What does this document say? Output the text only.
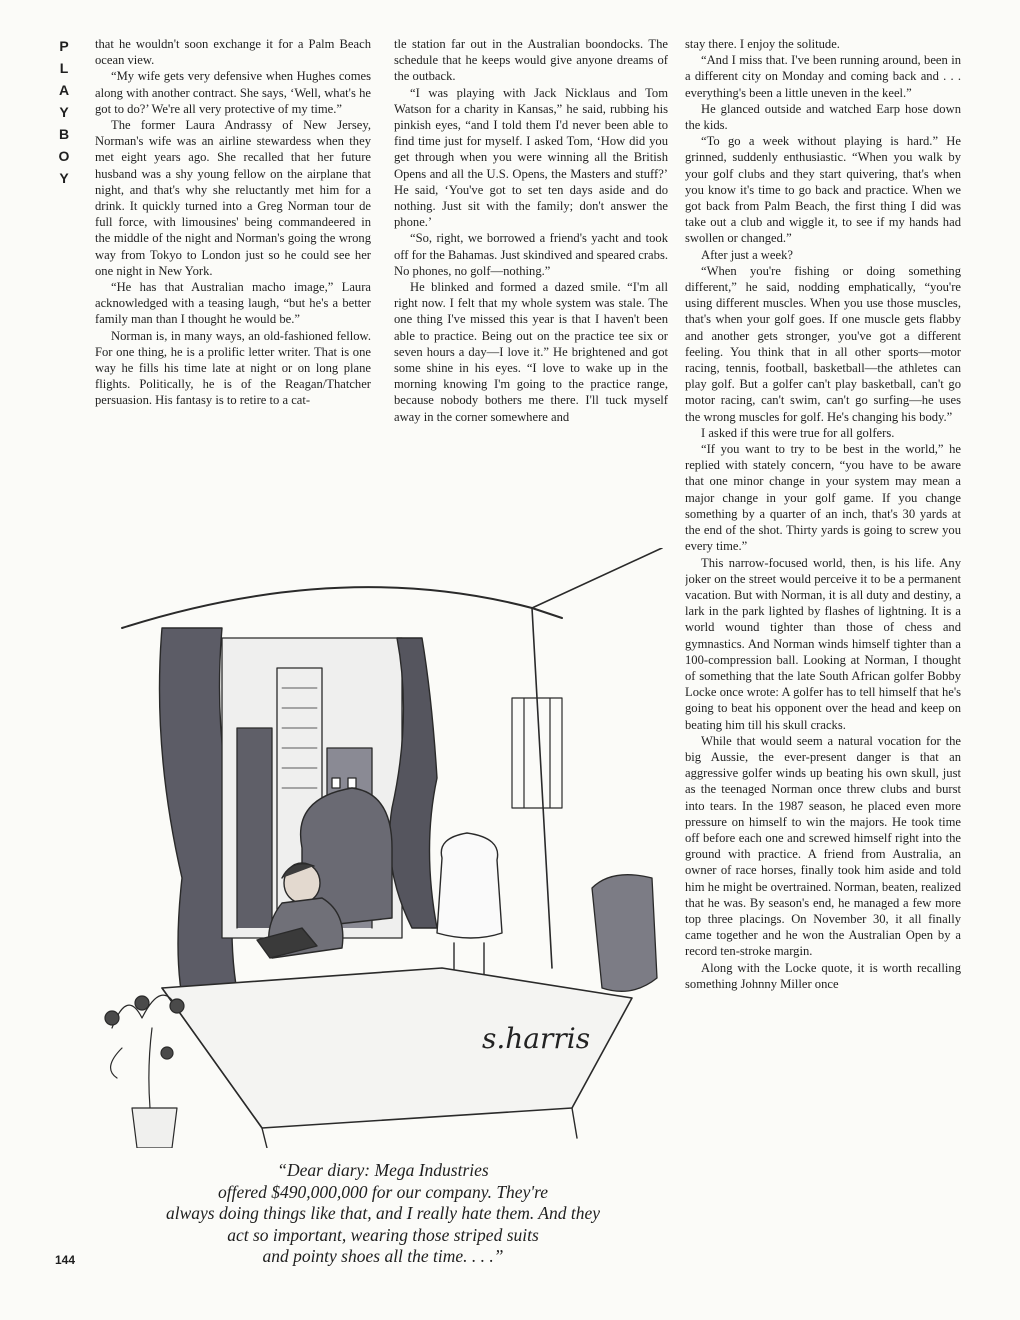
P
L
A
Y
B
O
Y

that he wouldn't soon exchange it for a Palm Beach ocean view.

“My wife gets very defensive when Hughes comes along with another contract. She says, ‘Well, what's he got to do?’ We're all very protective of my time.”

The former Laura Andrassy of New Jersey, Norman's wife was an airline stewardess when they met eight years ago. She recalled that her future husband was a shy young fellow on the airplane that night, and that's why she reluctantly met him for a drink. It quickly turned into a Greg Norman tour de full force, with limousines' being commandeered in the middle of the night and Norman's going the wrong way from Tokyo to London just so he could see her one night in New York.

“He has that Australian macho image,” Laura acknowledged with a teasing laugh, “but he's a better family man than I thought he would be.”

Norman is, in many ways, an old-fashioned fellow. For one thing, he is a prolific letter writer. That is one way he fills his time late at night or on long plane flights. Politically, he is of the Reagan/Thatcher persuasion. His fantasy is to retire to a cat-

tle station far out in the Australian boondocks. The schedule that he keeps would give anyone dreams of the outback.

“I was playing with Jack Nicklaus and Tom Watson for a charity in Kansas,” he said, rubbing his pinkish eyes, “and I told them I'd never been able to find time just for myself. I asked Tom, ‘How did you get through when you were winning all the British Opens and all the U.S. Opens, the Masters and stuff?’ He said, ‘You've got to set ten days aside and do nothing. Just sit with the family; don't answer the phone.’

“So, right, we borrowed a friend's yacht and took off for the Bahamas. Just skindived and speared crabs. No phones, no golf—nothing.”

He blinked and formed a dazed smile. “I'm all right now. I felt that my whole system was stale. The one thing I've missed this year is that I haven't been able to practice. Being out on the practice tee six or seven hours a day—I love it.” He brightened and got some shine in his eyes. “I love to wake up in the morning knowing I'm going to the practice range, because nobody bothers me there. I'll tuck myself away in the corner somewhere and

stay there. I enjoy the solitude.

“And I miss that. I've been running around, been in a different city on Monday and coming back and . . . everything's been a little uneven in the keel.”

He glanced outside and watched Earp hose down the kids.

“To go a week without playing is hard.” He grinned, suddenly enthusiastic. “When you walk by your golf clubs and they start quivering, that's when you know it's time to go back and practice. When we got back from Palm Beach, the first thing I did was take out a club and wiggle it, to see if my hands had swollen or changed.”

After just a week?

“When you're fishing or doing something different,” he said, nodding emphatically, “you're using different muscles. When you use those muscles, that's when your golf goes. If one muscle gets flabby and another gets stronger, you've got a different feeling. You think that in all other sports—motor racing, tennis, football, basketball—the athletes can play golf. But a golfer can't play basketball, can't go motor racing, can't swim, can't go surfing—he uses the wrong muscles for golf. He's changing his body.”

I asked if this were true for all golfers.

“If you want to try to be best in the world,” he replied with stately concern, “you have to be aware that one minor change in your system may mean a major change in your golf game. If you change something by a quarter of an inch, that's 30 yards at the end of the shot. Thirty yards is going to screw you every time.”

This narrow-focused world, then, is his life. Any joker on the street would perceive it to be a permanent vacation. But with Norman, it is all duty and destiny, a lark in the park lighted by flashes of lightning. It is a world wound tighter than those of chess and gymnastics. And Norman winds himself tighter than a 100-compression ball. Looking at Norman, I thought of something that the late South African golfer Bobby Locke once wrote: A golfer has to tell himself that he's going to beat his opponent over the head and keep on beating him till his skull cracks.

While that would seem a natural vocation for the big Aussie, the ever-present danger is that an aggressive golfer winds up beating his own skull, just as the teenaged Norman once threw clubs and burst into tears. In the 1987 season, he placed even more pressure on himself to win the majors. He took time off before each one and screwed himself right into the ground with practice. A friend from Australia, an owner of race horses, finally took him aside and told him he might be overtrained. Norman, beaten, realized that he was. By season's end, he managed a few more top three placings. On November 30, it all finally came together and he won the Australian Open by a record ten-stroke margin.

Along with the Locke quote, it is worth recalling something Johnny Miller once

s.harris
“Dear diary: Mega Industries
offered $490,000,000 for our company. They're
always doing things like that, and I really hate them. And they
act so important, wearing those striped suits
and pointy shoes all the time. . . .”
144
